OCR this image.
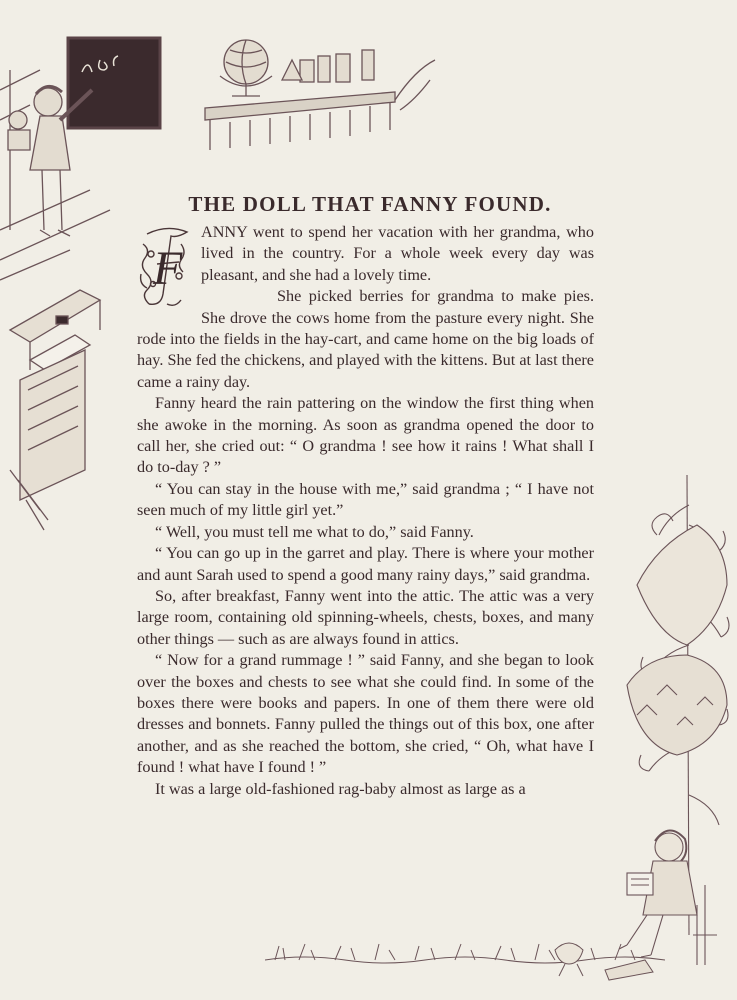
THE DOLL THAT FANNY FOUND.

F
ANNY went to spend her vacation with her grandma, who lived in the country. For a whole week every day was pleasant, and she had a lovely time.

She picked berries for grandma to make pies. She drove the cows home from the pasture every night. She rode into the fields in the hay-cart, and came home on the big loads of hay. She fed the chickens, and played with the kittens. But at last there came a rainy day.

Fanny heard the rain pattering on the window the first thing when she awoke in the morning. As soon as grandma opened the door to call her, she cried out: “ O grandma ! see how it rains ! What shall I do to-day ? ”

“ You can stay in the house with me,” said grandma ; “ I have not seen much of my little girl yet.”

“ Well, you must tell me what to do,” said Fanny.

“ You can go up in the garret and play. There is where your mother and aunt Sarah used to spend a good many rainy days,” said grandma.

So, after breakfast, Fanny went into the attic. The attic was a very large room, containing old spinning-wheels, chests, boxes, and many other things — such as are always found in attics.

“ Now for a grand rummage ! ” said Fanny, and she began to look over the boxes and chests to see what she could find. In some of the boxes there were books and papers. In one of them there were old dresses and bonnets. Fanny pulled the things out of this box, one after another, and as she reached the bottom, she cried, “ Oh, what have I found ! what have I found ! ”

It was a large old-fashioned rag-baby almost as large as a
